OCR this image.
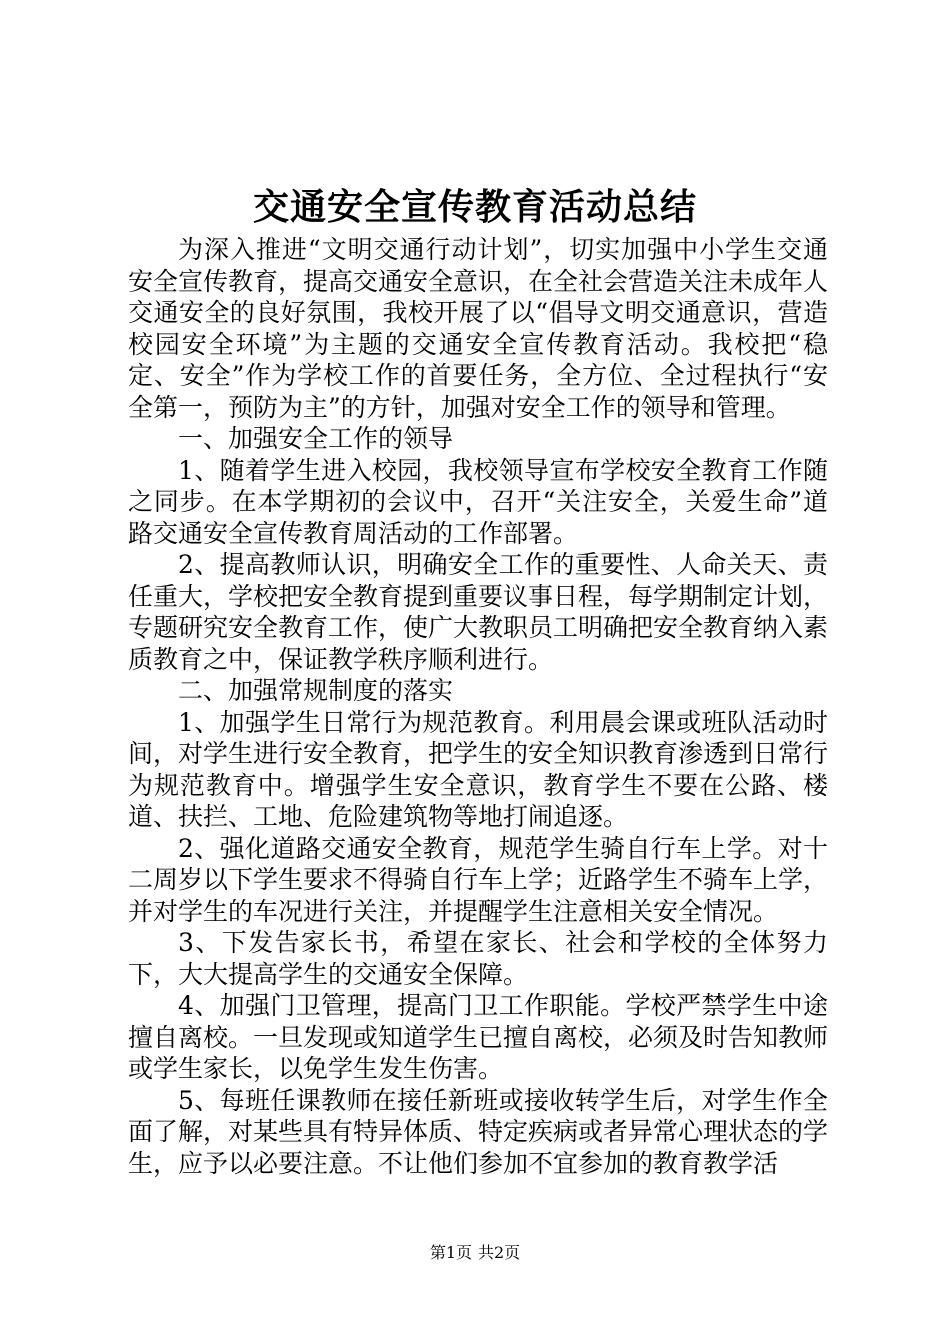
交通安全宣传教育活动总结

为深入推进“文明交通行动计划”，切实加强中小学生交通安全宣传教育，提高交通安全意识，在全社会营造关注未成年人交通安全的良好氛围，我校开展了以“倡导文明交通意识，营造校园安全环境”为主题的交通安全宣传教育活动。我校把“稳定、安全”作为学校工作的首要任务，全方位、全过程执行“安全第一，预防为主”的方针，加强对安全工作的领导和管理。

一、加强安全工作的领导

1、随着学生进入校园，我校领导宣布学校安全教育工作随之同步。在本学期初的会议中，召开“关注安全，关爱生命”道路交通安全宣传教育周活动的工作部署。

2、提高教师认识，明确安全工作的重要性、人命关天、责任重大，学校把安全教育提到重要议事日程，每学期制定计划，专题研究安全教育工作，使广大教职员工明确把安全教育纳入素质教育之中，保证教学秩序顺利进行。

二、加强常规制度的落实

1、加强学生日常行为规范教育。利用晨会课或班队活动时间，对学生进行安全教育，把学生的安全知识教育渗透到日常行为规范教育中。增强学生安全意识，教育学生不要在公路、楼道、扶拦、工地、危险建筑物等地打闹追逐。

2、强化道路交通安全教育，规范学生骑自行车上学。对十二周岁以下学生要求不得骑自行车上学；近路学生不骑车上学，并对学生的车况进行关注，并提醒学生注意相关安全情况。

3、下发告家长书，希望在家长、社会和学校的全体努力下，大大提高学生的交通安全保障。

4、加强门卫管理，提高门卫工作职能。学校严禁学生中途擅自离校。一旦发现或知道学生已擅自离校，必须及时告知教师或学生家长，以免学生发生伤害。

5、每班任课教师在接任新班或接收转学生后，对学生作全面了解，对某些具有特异体质、特定疾病或者异常心理状态的学生，应予以必要注意。不让他们参加不宜参加的教育教学活

第1页 共2页
